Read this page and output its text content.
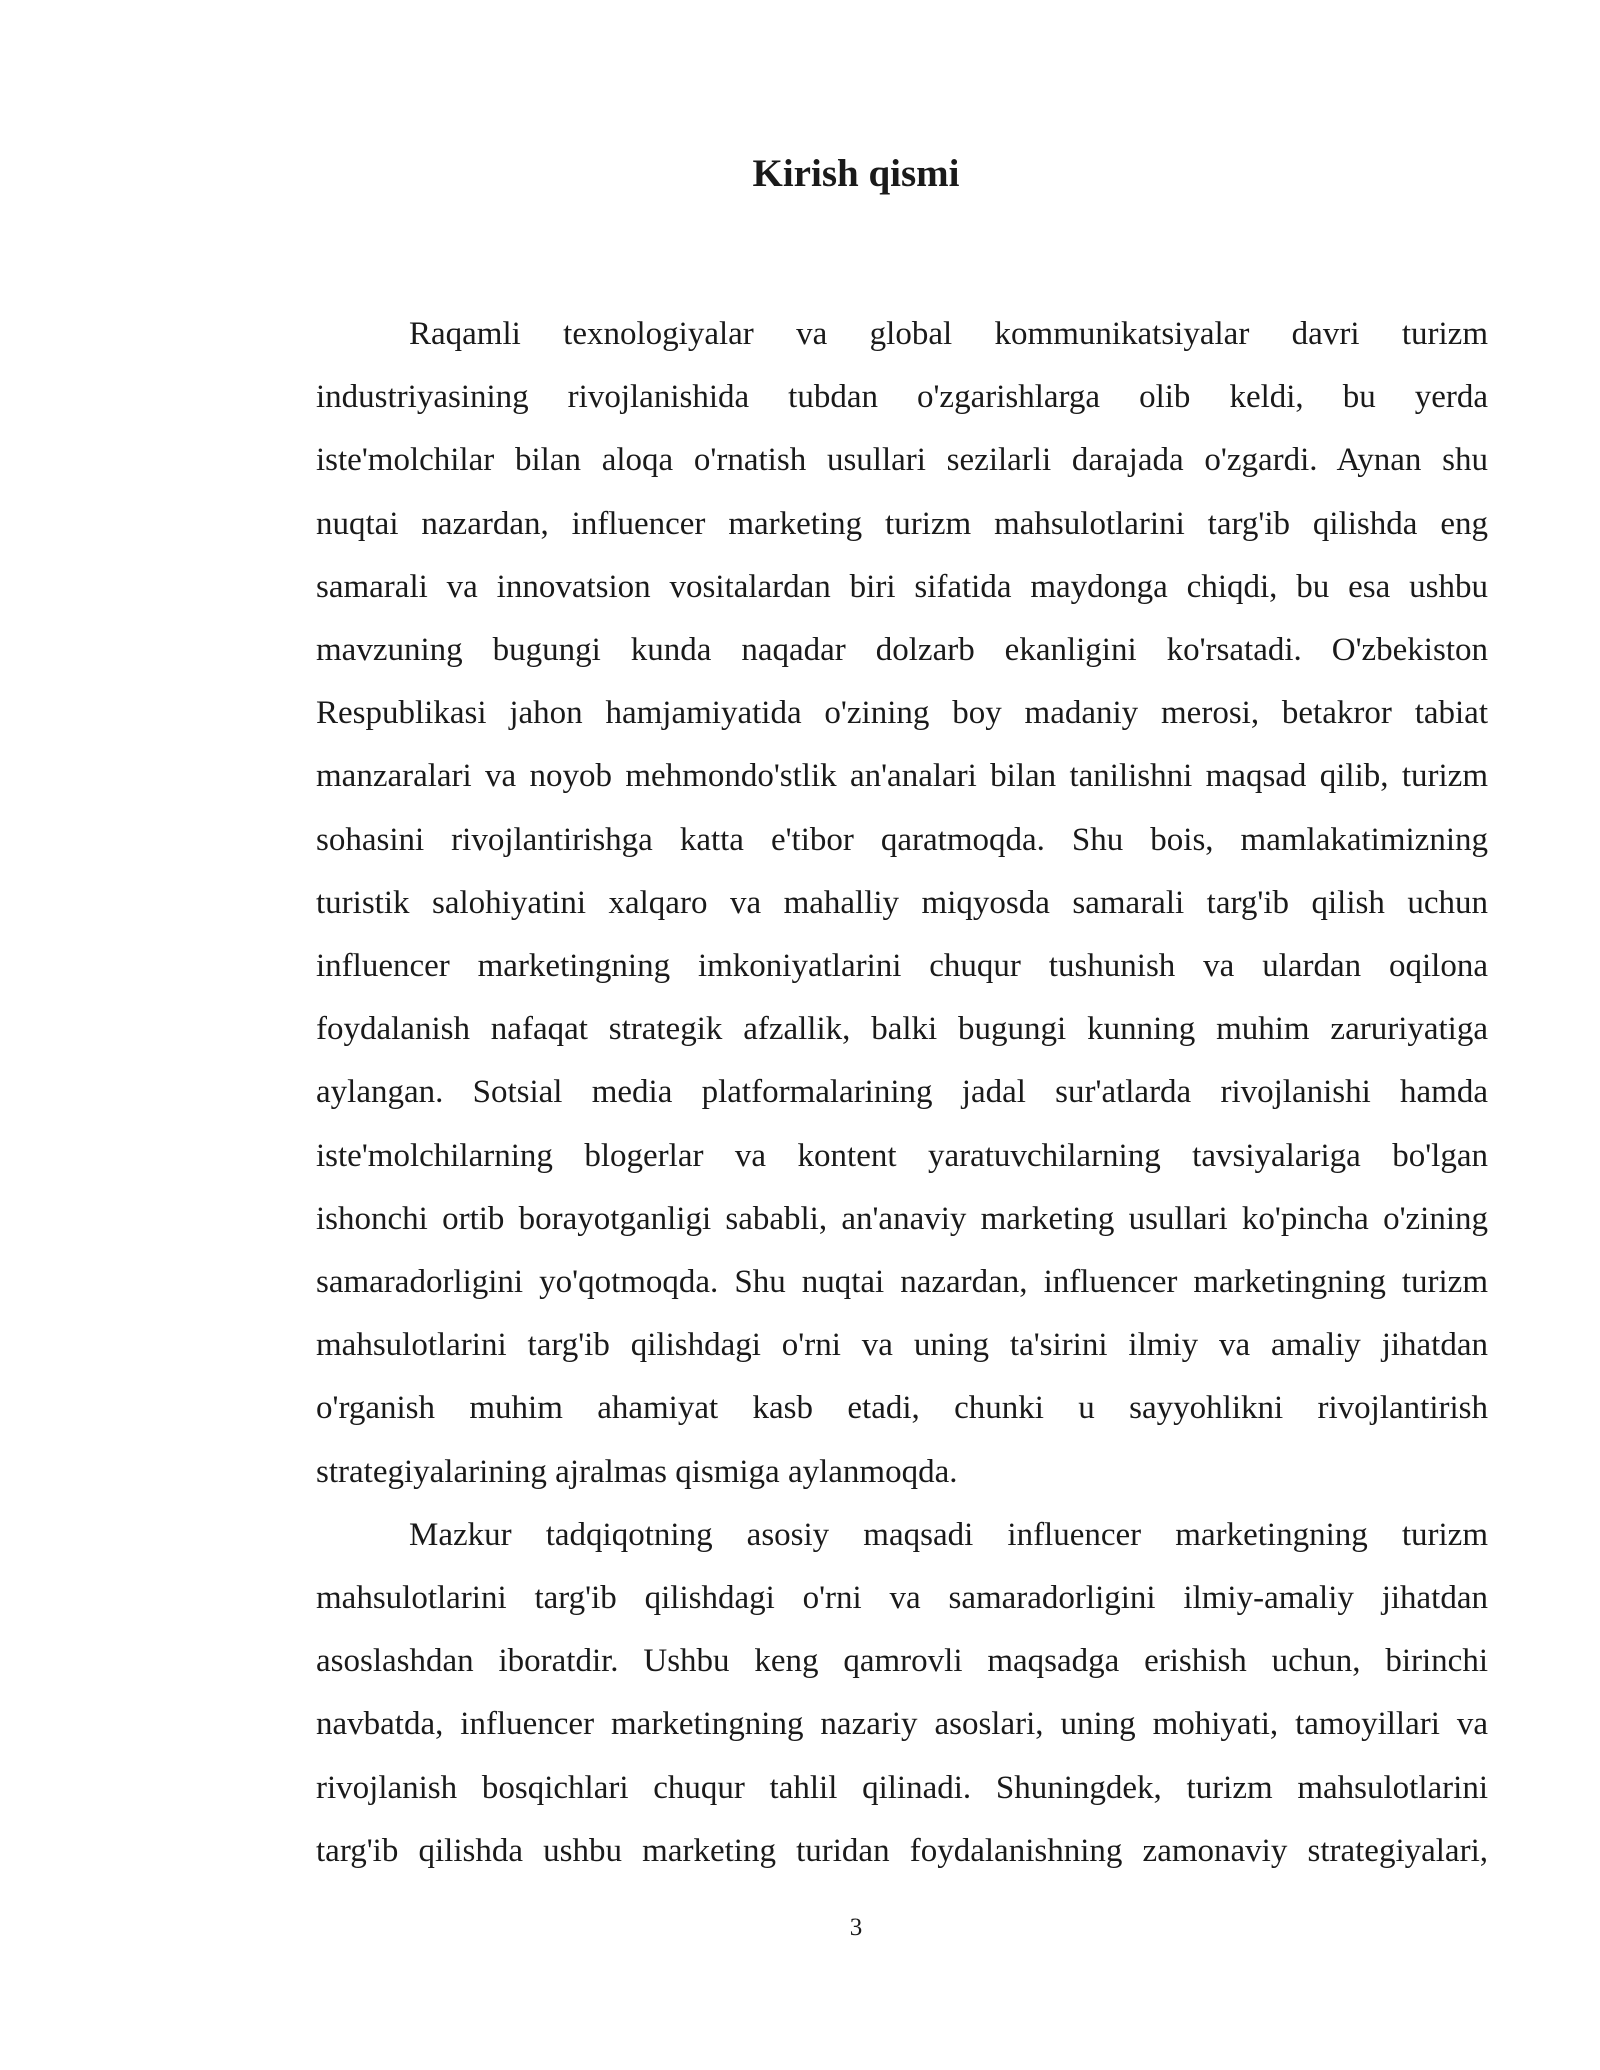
Kirish qismi

Raqamli texnologiyalar va global kommunikatsiyalar davri turizm
industriyasining rivojlanishida tubdan o'zgarishlarga olib keldi, bu yerda
iste'molchilar bilan aloqa o'rnatish usullari sezilarli darajada o'zgardi. Aynan shu
nuqtai nazardan, influencer marketing turizm mahsulotlarini targ'ib qilishda eng
samarali va innovatsion vositalardan biri sifatida maydonga chiqdi, bu esa ushbu
mavzuning bugungi kunda naqadar dolzarb ekanligini ko'rsatadi. O'zbekiston
Respublikasi jahon hamjamiyatida o'zining boy madaniy merosi, betakror tabiat
manzaralari va noyob mehmondo'stlik an'analari bilan tanilishni maqsad qilib, turizm
sohasini rivojlantirishga katta e'tibor qaratmoqda. Shu bois, mamlakatimizning
turistik salohiyatini xalqaro va mahalliy miqyosda samarali targ'ib qilish uchun
influencer marketingning imkoniyatlarini chuqur tushunish va ulardan oqilona
foydalanish nafaqat strategik afzallik, balki bugungi kunning muhim zaruriyatiga
aylangan. Sotsial media platformalarining jadal sur'atlarda rivojlanishi hamda
iste'molchilarning blogerlar va kontent yaratuvchilarning tavsiyalariga bo'lgan
ishonchi ortib borayotganligi sababli, an'anaviy marketing usullari ko'pincha o'zining
samaradorligini yo'qotmoqda. Shu nuqtai nazardan, influencer marketingning turizm
mahsulotlarini targ'ib qilishdagi o'rni va uning ta'sirini ilmiy va amaliy jihatdan
o'rganish muhim ahamiyat kasb etadi, chunki u sayyohlikni rivojlantirish
strategiyalarining ajralmas qismiga aylanmoqda.

Mazkur tadqiqotning asosiy maqsadi influencer marketingning turizm
mahsulotlarini targ'ib qilishdagi o'rni va samaradorligini ilmiy-amaliy jihatdan
asoslashdan iboratdir. Ushbu keng qamrovli maqsadga erishish uchun, birinchi
navbatda, influencer marketingning nazariy asoslari, uning mohiyati, tamoyillari va
rivojlanish bosqichlari chuqur tahlil qilinadi. Shuningdek, turizm mahsulotlarini
targ'ib qilishda ushbu marketing turidan foydalanishning zamonaviy strategiyalari,

3
